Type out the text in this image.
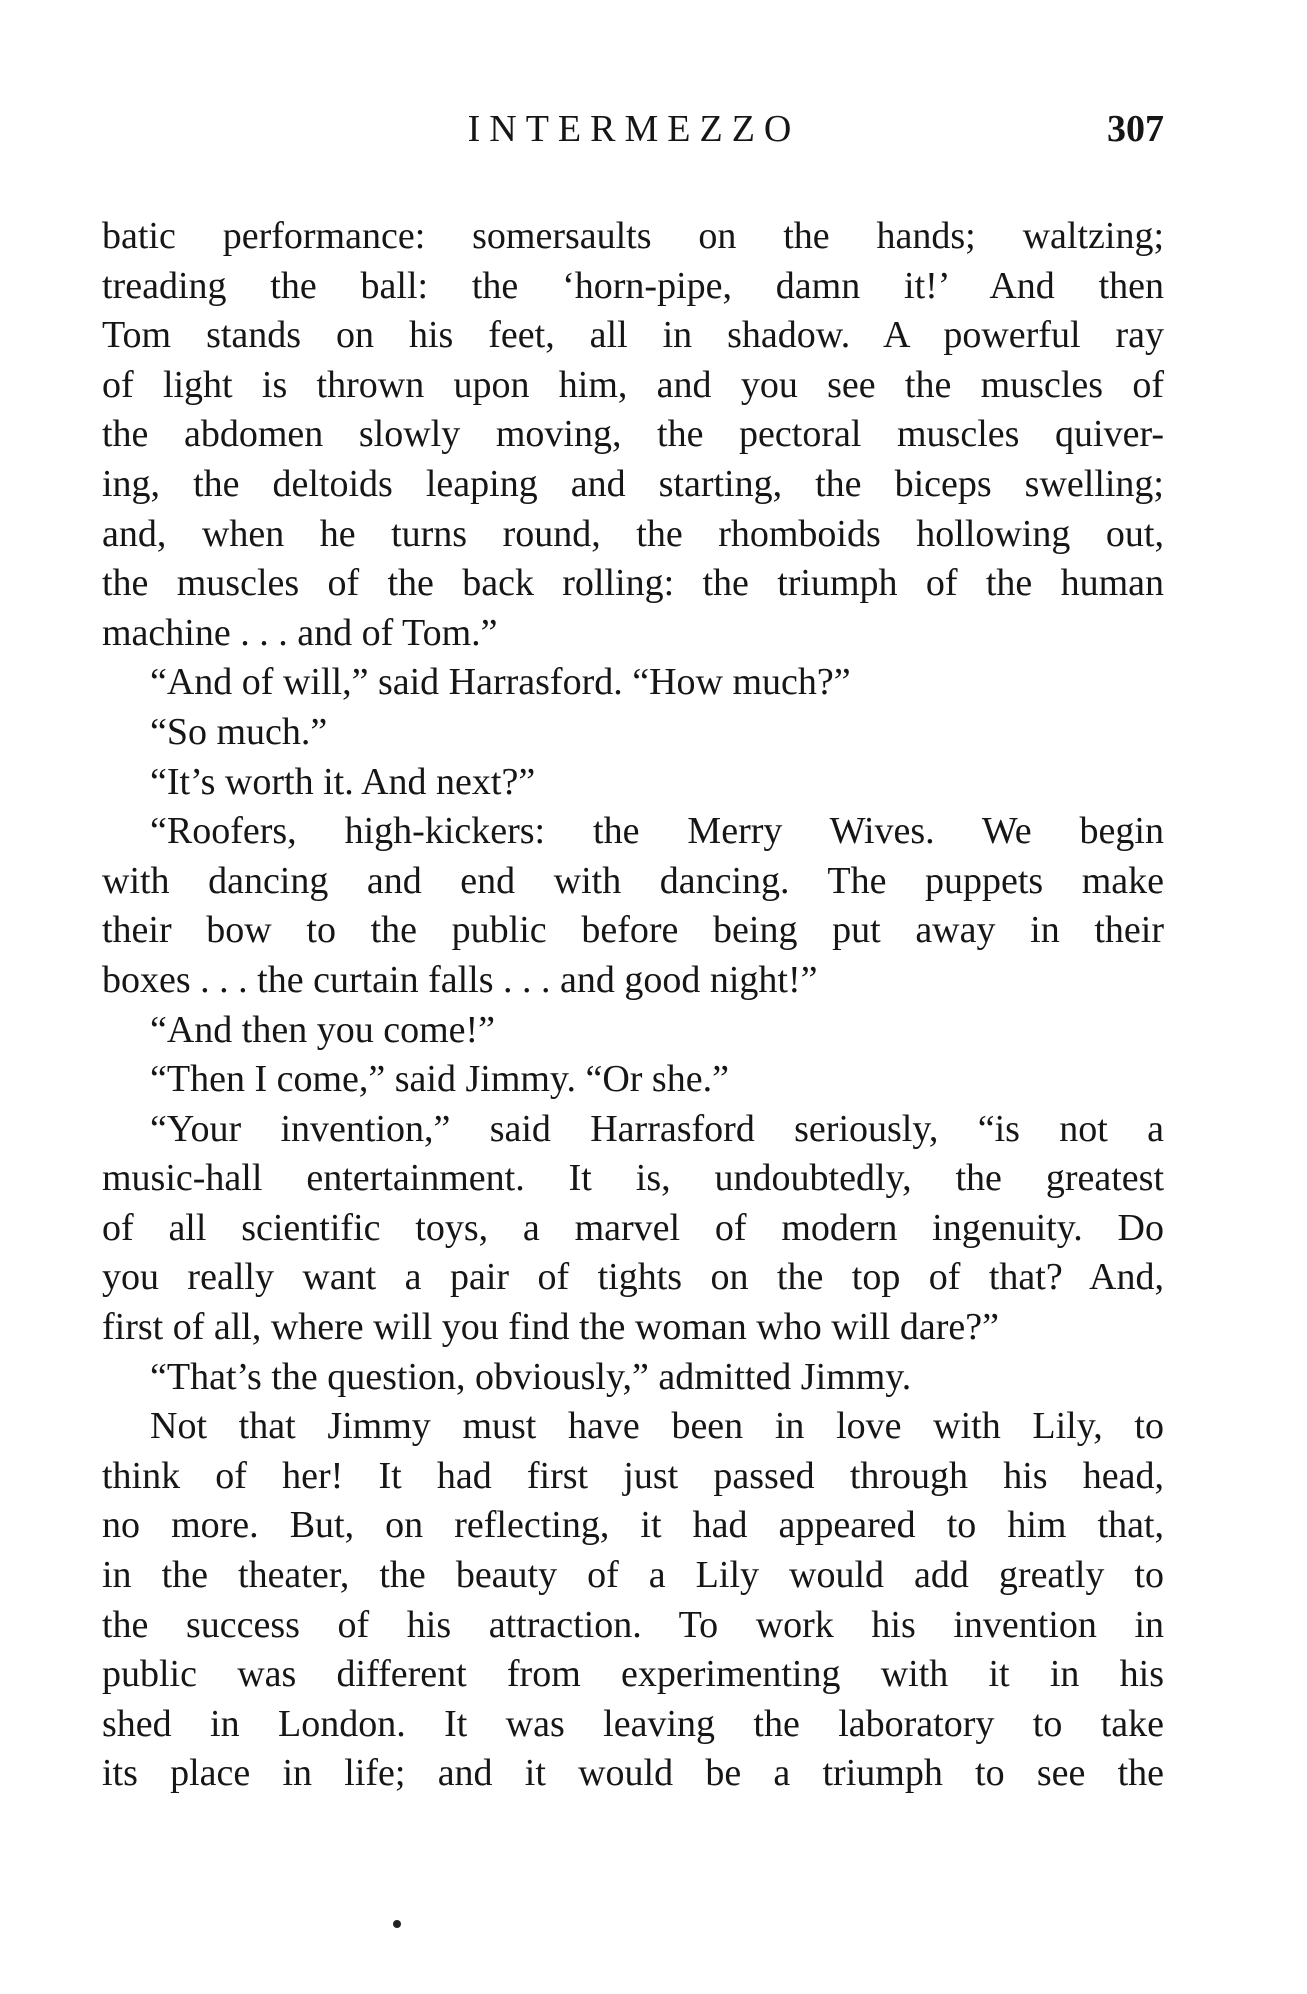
INTERMEZZO	307
batic performance: somersaults on the hands; waltzing;
treading the ball: the ‘horn-pipe, damn it!’ And then
Tom stands on his feet, all in shadow. A powerful ray
of light is thrown upon him, and you see the muscles of
the abdomen slowly moving, the pectoral muscles quiver-
ing, the deltoids leaping and starting, the biceps swelling;
and, when he turns round, the rhomboids hollowing out,
the muscles of the back rolling: the triumph of the human
machine . . . and of Tom.”
“And of will,” said Harrasford. “How much?”
“So much.”
“It’s worth it. And next?”
“Roofers, high-kickers: the Merry Wives. We begin
with dancing and end with dancing. The puppets make
their bow to the public before being put away in their
boxes . . . the curtain falls . . . and good night!”
“And then you come!”
“Then I come,” said Jimmy. “Or she.”
“Your invention,” said Harrasford seriously, “is not a
music-hall entertainment. It is, undoubtedly, the greatest
of all scientific toys, a marvel of modern ingenuity. Do
you really want a pair of tights on the top of that? And,
first of all, where will you find the woman who will dare?”
“That’s the question, obviously,” admitted Jimmy.
Not that Jimmy must have been in love with Lily, to
think of her! It had first just passed through his head,
no more. But, on reflecting, it had appeared to him that,
in the theater, the beauty of a Lily would add greatly to
the success of his attraction. To work his invention in
public was different from experimenting with it in his
shed in London. It was leaving the laboratory to take
its place in life; and it would be a triumph to see the
